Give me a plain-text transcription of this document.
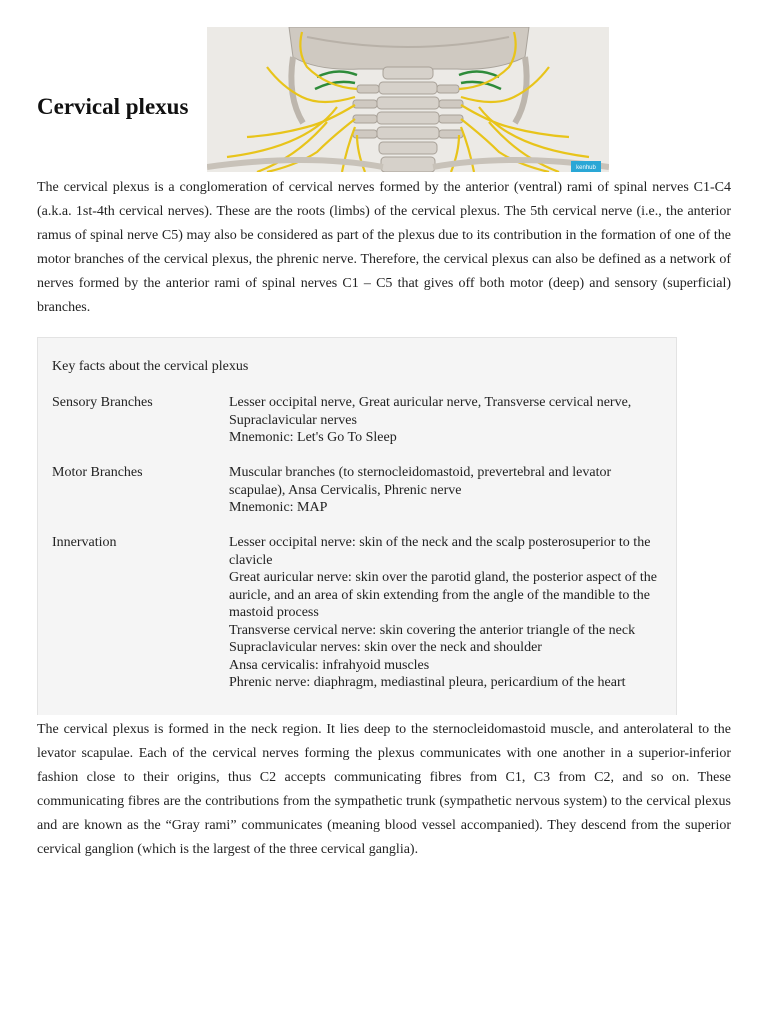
Cervical plexus
kenhub

The cervical plexus is a conglomeration of cervical nerves formed by the anterior (ventral) rami of spinal nerves C1-C4 (a.k.a. 1st-4th cervical nerves). These are the roots (limbs) of the cervical plexus. The 5th cervical nerve (i.e., the anterior ramus of spinal nerve C5) may also be considered as part of the plexus due to its contribution in the formation of one of the motor branches of the cervical plexus, the phrenic nerve. Therefore, the cervical plexus can also be defined as a network of nerves formed by the anterior rami of spinal nerves C1 – C5 that gives off both motor (deep) and sensory (superficial) branches.

Key facts about the cervical plexus
Sensory Branches	Lesser occipital nerve, Great auricular nerve, Transverse cervical nerve, Supraclavicular nerves
Mnemonic: Let's Go To Sleep
Motor Branches	Muscular branches (to sternocleidomastoid, prevertebral and levator scapulae), Ansa Cervicalis, Phrenic nerve
Mnemonic: MAP
Innervation	Lesser occipital nerve: skin of the neck and the scalp posterosuperior to the clavicle
Great auricular nerve: skin over the parotid gland, the posterior aspect of the auricle, and an area of skin extending from the angle of the mandible to the mastoid process
Transverse cervical nerve: skin covering the anterior triangle of the neck
Supraclavicular nerves: skin over the neck and shoulder
Ansa cervicalis: infrahyoid muscles
Phrenic nerve: diaphragm, mediastinal pleura, pericardium of the heart

The cervical plexus is formed in the neck region. It lies deep to the sternocleidomastoid muscle, and anterolateral to the levator scapulae. Each of the cervical nerves forming the plexus communicates with one another in a superior-inferior fashion close to their origins, thus C2 accepts communicating fibres from C1, C3 from C2, and so on. These communicating fibres are the contributions from the sympathetic trunk (sympathetic nervous system) to the cervical plexus and are known as the “Gray rami” communicates (meaning blood vessel accompanied). They descend from the superior cervical ganglion (which is the largest of the three cervical ganglia).
